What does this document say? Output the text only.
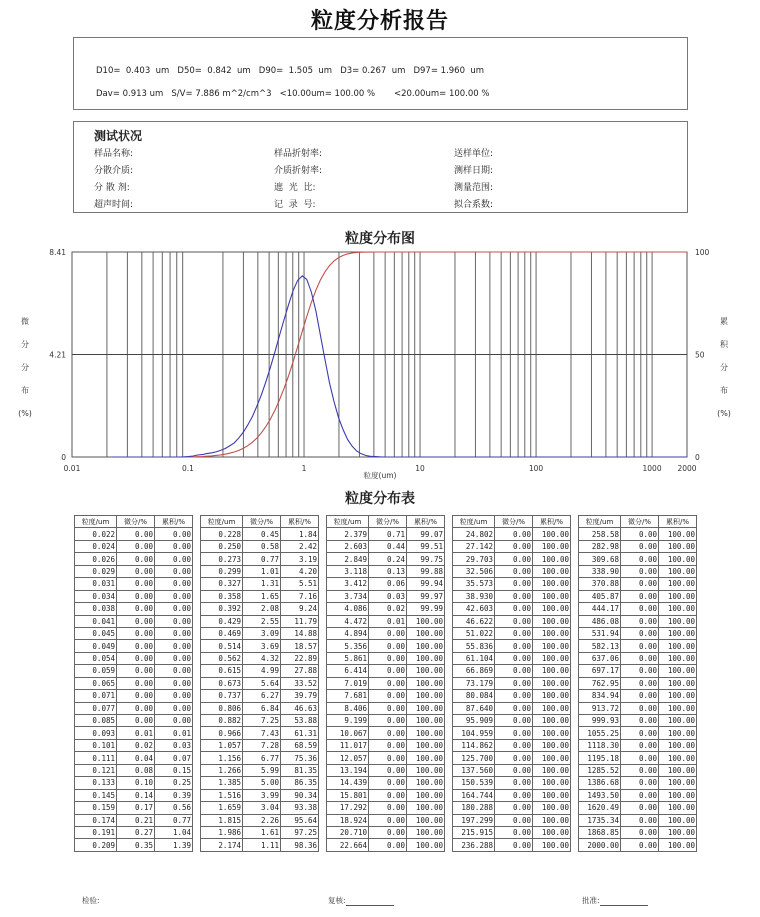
粒度分析报告
D10=  0.403  um   D50=  0.842  um   D90=  1.505  um   D3= 0.267  um   D97= 1.960  um
Dav= 0.913 um   S/V= 7.886 m^2/cm^3   <10.00um= 100.00 %       <20.00um= 100.00 %
测试状况
样品名称:	样品折射率:	送样单位:
分散介质:	介质折射率:	测样日期:
分 散 剂:	遮  光  比:	测量范围:
超声时间:	记  录  号:	拟合系数:
粒度分布图
0.01	0.1	1	10	100	1000 2000
0
4.21
8.41
0
50
100
微
分
分
布
(%)
累
积
分
布
(%)
粒度(um)
粒度分布表
粒度/um	微分/%	累积/%
0.022	0.00	0.00
0.024	0.00	0.00
0.026	0.00	0.00
0.029	0.00	0.00
0.031	0.00	0.00
0.034	0.00	0.00
0.038	0.00	0.00
0.041	0.00	0.00
0.045	0.00	0.00
0.049	0.00	0.00
0.054	0.00	0.00
0.059	0.00	0.00
0.065	0.00	0.00
0.071	0.00	0.00
0.077	0.00	0.00
0.085	0.00	0.00
0.093	0.01	0.01
0.101	0.02	0.03
0.111	0.04	0.07
0.121	0.08	0.15
0.133	0.10	0.25
0.145	0.14	0.39
0.159	0.17	0.56
0.174	0.21	0.77
0.191	0.27	1.04
0.209	0.35	1.39
粒度/um	微分/%	累积/%
0.228	0.45	1.84
0.250	0.58	2.42
0.273	0.77	3.19
0.299	1.01	4.20
0.327	1.31	5.51
0.358	1.65	7.16
0.392	2.08	9.24
0.429	2.55	11.79
0.469	3.09	14.88
0.514	3.69	18.57
0.562	4.32	22.89
0.615	4.99	27.88
0.673	5.64	33.52
0.737	6.27	39.79
0.806	6.84	46.63
0.882	7.25	53.88
0.966	7.43	61.31
1.057	7.28	68.59
1.156	6.77	75.36
1.266	5.99	81.35
1.385	5.00	86.35
1.516	3.99	90.34
1.659	3.04	93.38
1.815	2.26	95.64
1.986	1.61	97.25
2.174	1.11	98.36
粒度/um	微分/%	累积/%
2.379	0.71	99.07
2.603	0.44	99.51
2.849	0.24	99.75
3.118	0.13	99.88
3.412	0.06	99.94
3.734	0.03	99.97
4.086	0.02	99.99
4.472	0.01	100.00
4.894	0.00	100.00
5.356	0.00	100.00
5.861	0.00	100.00
6.414	0.00	100.00
7.019	0.00	100.00
7.681	0.00	100.00
8.406	0.00	100.00
9.199	0.00	100.00
10.067	0.00	100.00
11.017	0.00	100.00
12.057	0.00	100.00
13.194	0.00	100.00
14.439	0.00	100.00
15.801	0.00	100.00
17.292	0.00	100.00
18.924	0.00	100.00
20.710	0.00	100.00
22.664	0.00	100.00
粒度/um	微分/%	累积/%
24.802	0.00	100.00
27.142	0.00	100.00
29.703	0.00	100.00
32.506	0.00	100.00
35.573	0.00	100.00
38.930	0.00	100.00
42.603	0.00	100.00
46.622	0.00	100.00
51.022	0.00	100.00
55.836	0.00	100.00
61.104	0.00	100.00
66.869	0.00	100.00
73.179	0.00	100.00
80.084	0.00	100.00
87.640	0.00	100.00
95.909	0.00	100.00
104.959	0.00	100.00
114.862	0.00	100.00
125.700	0.00	100.00
137.560	0.00	100.00
150.539	0.00	100.00
164.744	0.00	100.00
180.288	0.00	100.00
197.299	0.00	100.00
215.915	0.00	100.00
236.288	0.00	100.00
粒度/um	微分/%	累积/%
258.58	0.00	100.00
282.98	0.00	100.00
309.68	0.00	100.00
338.90	0.00	100.00
370.88	0.00	100.00
405.87	0.00	100.00
444.17	0.00	100.00
486.08	0.00	100.00
531.94	0.00	100.00
582.13	0.00	100.00
637.06	0.00	100.00
697.17	0.00	100.00
762.95	0.00	100.00
834.94	0.00	100.00
913.72	0.00	100.00
999.93	0.00	100.00
1055.25	0.00	100.00
1118.30	0.00	100.00
1195.18	0.00	100.00
1285.52	0.00	100.00
1386.68	0.00	100.00
1493.50	0.00	100.00
1620.49	0.00	100.00
1735.34	0.00	100.00
1868.85	0.00	100.00
2000.00	0.00	100.00
检验:	复核:	批准:
